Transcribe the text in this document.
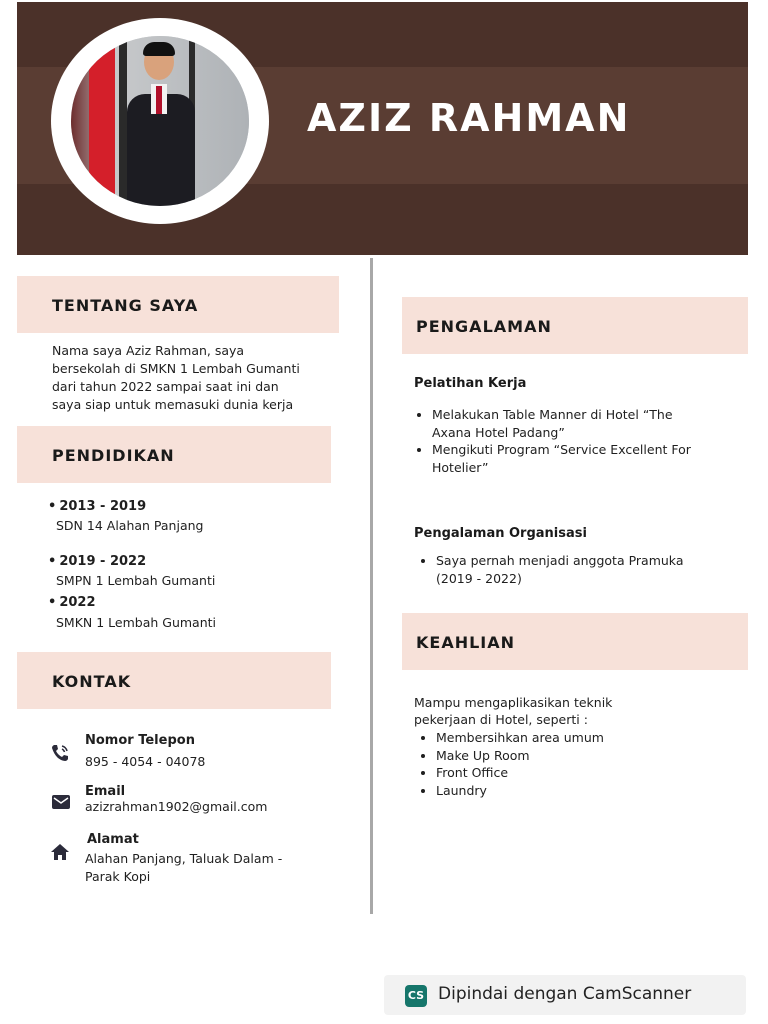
AZIZ RAHMAN
TENTANG SAYA
Nama saya Aziz Rahman, saya
bersekolah di SMKN 1 Lembah Gumanti
dari tahun 2022 sampai saat ini dan
saya siap untuk memasuki dunia kerja
PENDIDIKAN
• 2013 - 2019
SDN 14 Alahan Panjang
• 2019 - 2022
SMPN 1 Lembah Gumanti
• 2022
SMKN 1 Lembah Gumanti
KONTAK
Nomor Telepon
895 - 4054 - 04078
Email
azizrahman1902@gmail.com
Alamat
Alahan Panjang, Taluak Dalam -
Parak Kopi
PENGALAMAN
Pelatihan Kerja
• Melakukan Table Manner di Hotel “The
Axana Hotel Padang”
• Mengikuti Program “Service Excellent For
Hotelier”
Pengalaman Organisasi
• Saya pernah menjadi anggota Pramuka
(2019 - 2022)
KEAHLIAN
Mampu mengaplikasikan teknik
pekerjaan di Hotel, seperti :
• Membersihkan area umum
• Make Up Room
• Front Office
• Laundry
CS Dipindai dengan CamScanner
